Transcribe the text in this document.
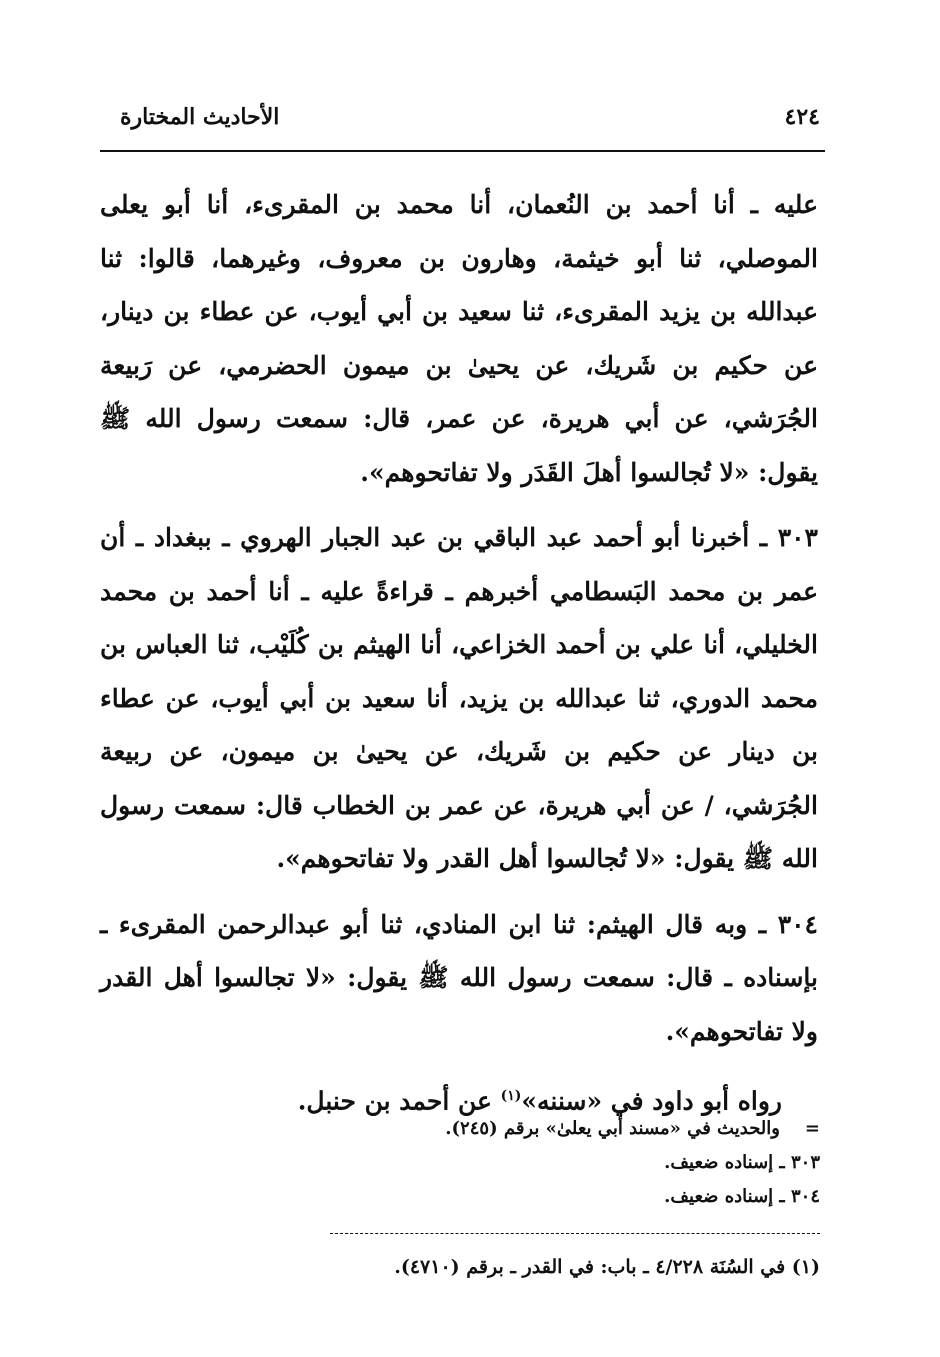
٤٢٤
الأحاديث المختارة

عليه ـ أنا أحمد بن النُعمان، أنا محمد بن المقرىء، أنا أبو يعلى الموصلي، ثنا أبو خيثمة، وهارون بن معروف، وغيرهما، قالوا: ثنا عبدالله بن يزيد المقرىء، ثنا سعيد بن أبي أيوب، عن عطاء بن دينار، عن حكيم بن شَريك، عن يحيىٰ بن ميمون الحضرمي، عن رَبيعة الجُرَشي، عن أبي هريرة، عن عمر، قال: سمعت رسول الله ﷺ يقول: «لا تُجالسوا أهلَ القَدَر ولا تفاتحوهم».

٣٠٣ ـ أخبرنا أبو أحمد عبد الباقي بن عبد الجبار الهروي ـ ببغداد ـ أن عمر بن محمد البَسطامي أخبرهم ـ قراءةً عليه ـ أنا أحمد بن محمد الخليلي، أنا علي بن أحمد الخزاعي، أنا الهيثم بن كُلَيْب، ثنا العباس بن محمد الدوري، ثنا عبدالله بن يزيد، أنا سعيد بن أبي أيوب، عن عطاء بن دينار عن حكيم بن شَريك، عن يحيىٰ بن ميمون، عن ربيعة الجُرَشي، / عن أبي هريرة، عن عمر بن الخطاب قال: سمعت رسول الله ﷺ يقول: «لا تُجالسوا أهل القدر ولا تفاتحوهم».

٣٠٤ ـ وبه قال الهيثم: ثنا ابن المنادي، ثنا أبو عبدالرحمن المقرىء ـ بإسناده ـ قال: سمعت رسول الله ﷺ يقول: «لا تجالسوا أهل القدر ولا تفاتحوهم».

رواه أبو داود في «سننه»$^{(١)}$ عن أحمد بن حنبل.

=
والحديث في «مسند أبي يعلىٰ» برقم (٢٤٥).
٣٠٣ ـ إسناده ضعيف.
٣٠٤ ـ إسناده ضعيف.
(١) في السُنَة ٤/٢٢٨ ـ باب: في القدر ـ برقم (٤٧١٠).
